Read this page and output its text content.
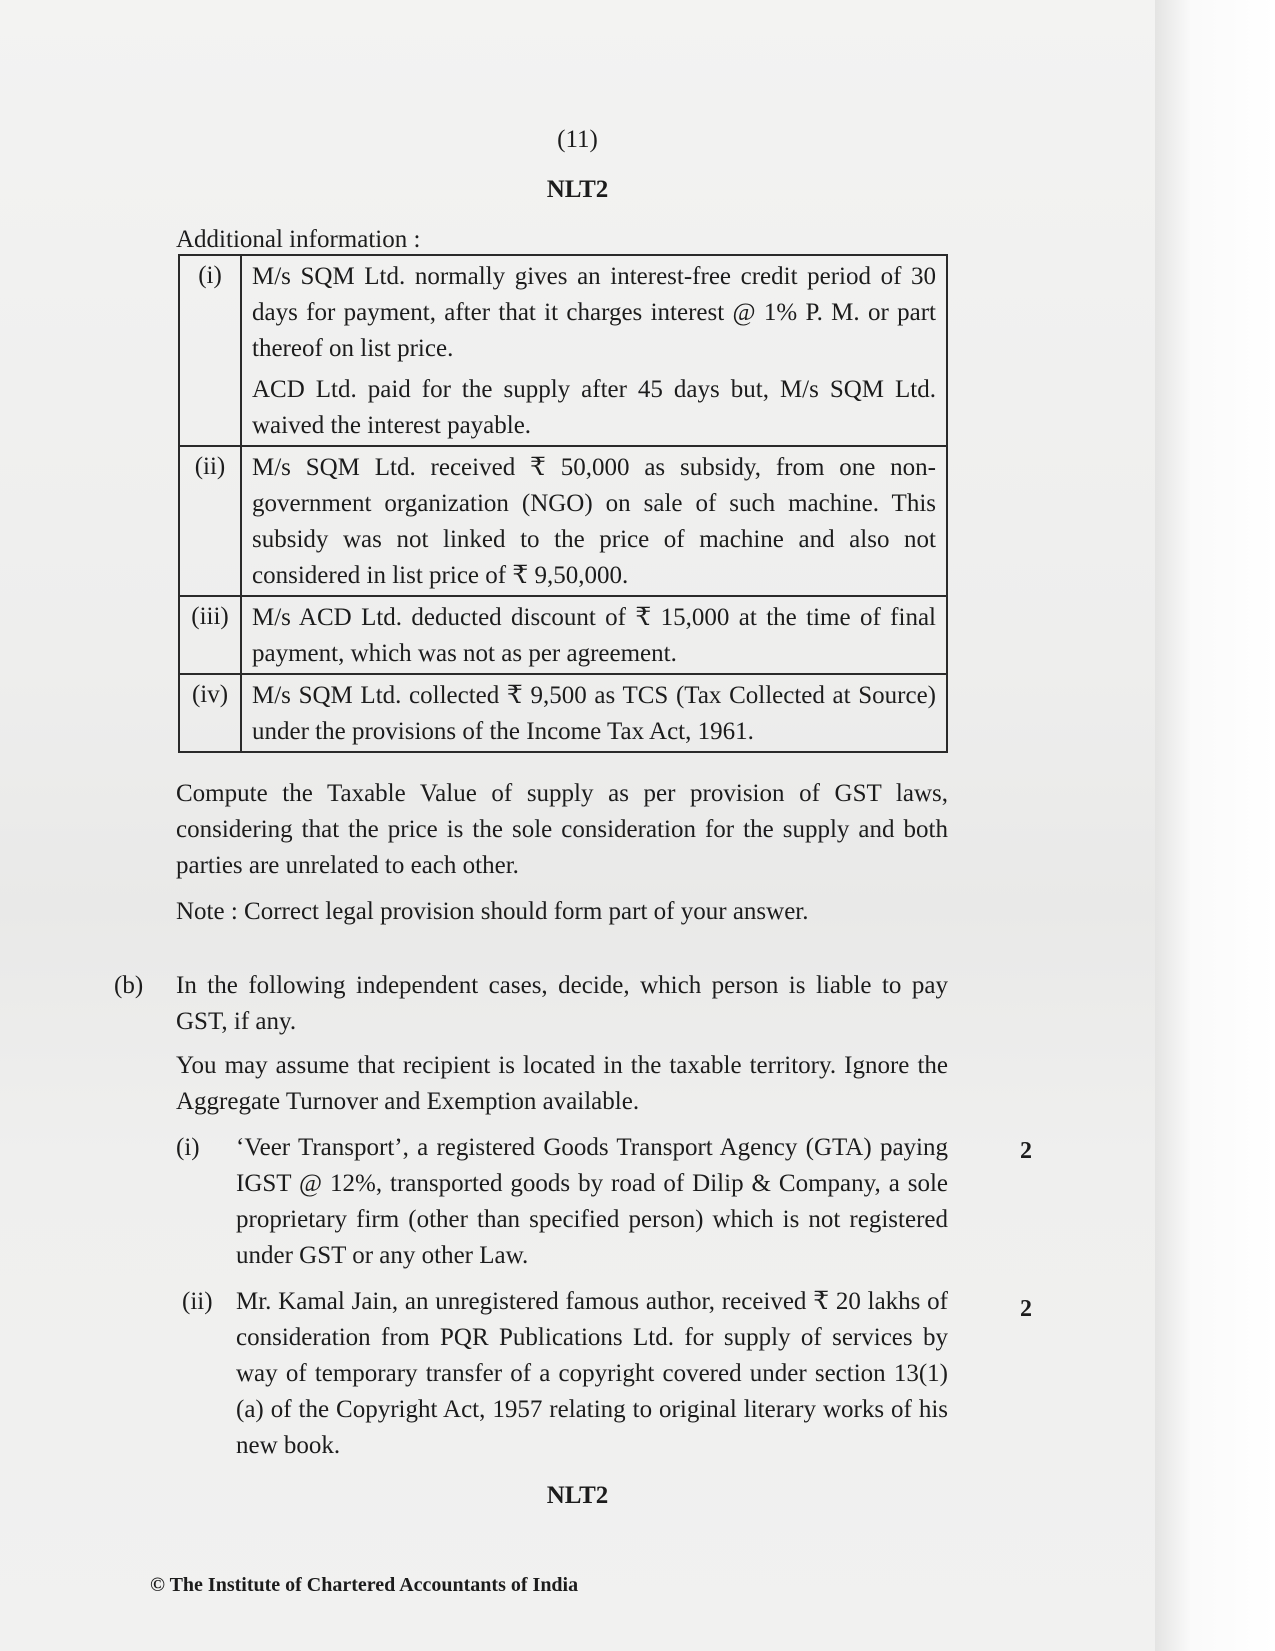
(11)
NLT2
Additional information :
(i)	M/s SQM Ltd. normally gives an interest-free credit period of 30 days for payment, after that it charges interest @ 1% P. M. or part thereof on list price.

ACD Ltd. paid for the supply after 45 days but, M/s SQM Ltd. waived the interest payable.

(ii)	M/s SQM Ltd. received ₹ 50,000 as subsidy, from one non-government organization (NGO) on sale of such machine. This subsidy was not linked to the price of machine and also not considered in list price of ₹ 9,50,000.

(iii)	M/s ACD Ltd. deducted discount of ₹ 15,000 at the time of final payment, which was not as per agreement.

(iv)	M/s SQM Ltd. collected ₹ 9,500 as TCS (Tax Collected at Source) under the provisions of the Income Tax Act, 1961.

Compute the Taxable Value of supply as per provision of GST laws, considering that the price is the sole consideration for the supply and both parties are unrelated to each other.
Note : Correct legal provision should form part of your answer.
(b) In the following independent cases, decide, which person is liable to pay GST, if any.
You may assume that recipient is located in the taxable territory. Ignore the Aggregate Turnover and Exemption available.
(i) ‘Veer Transport’, a registered Goods Transport Agency (GTA) paying IGST @ 12%, transported goods by road of Dilip & Company, a sole proprietary firm (other than specified person) which is not registered under GST or any other Law.
2
(ii) Mr. Kamal Jain, an unregistered famous author, received ₹ 20 lakhs of consideration from PQR Publications Ltd. for supply of services by way of temporary transfer of a copyright covered under section 13(1)(a) of the Copyright Act, 1957 relating to original literary works of his new book.
2
NLT2
© The Institute of Chartered Accountants of India
